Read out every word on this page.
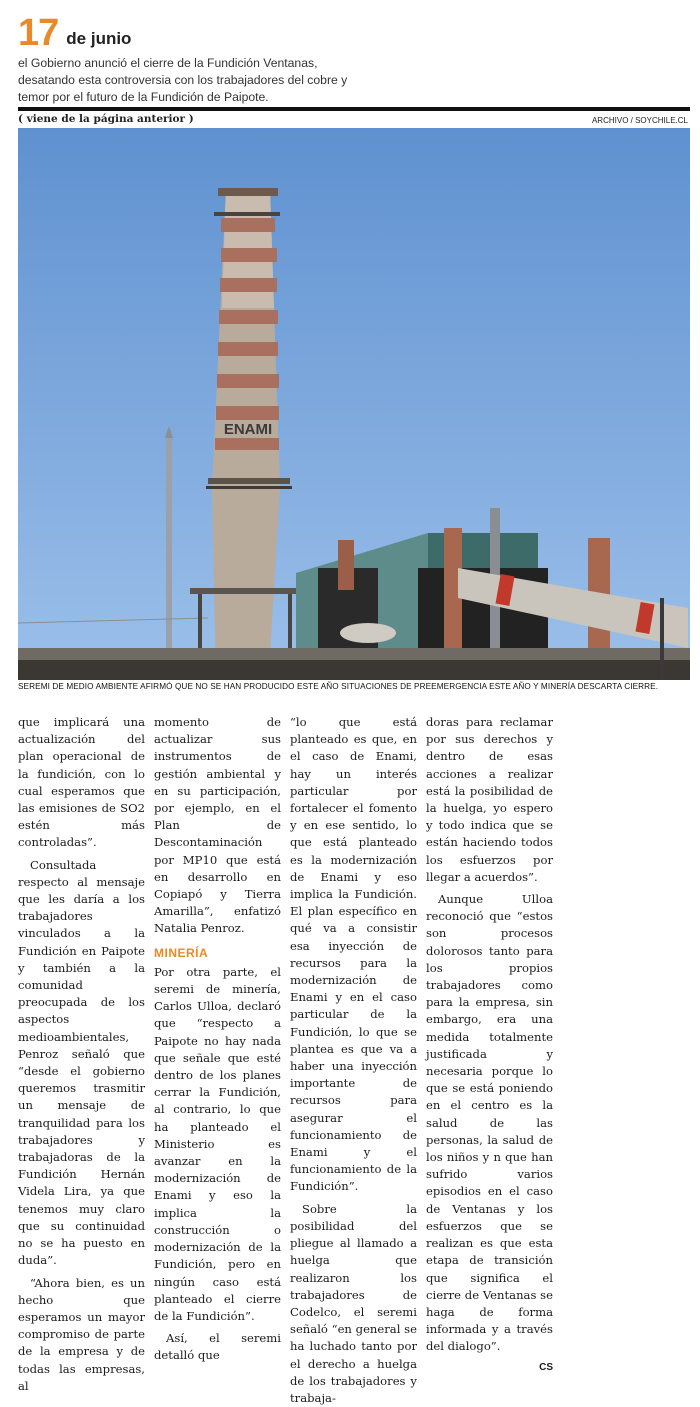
17 de junio
el Gobierno anunció el cierre de la Fundición Ventanas, desatando esta controversia con los trabajadores del cobre y temor por el futuro de la Fundición de Paipote.
( viene de la página anterior )	ARCHIVO / SOYCHILE.CL
ENAMI
SEREMI DE MEDIO AMBIENTE AFIRMÓ QUE NO SE HAN PRODUCIDO ESTE AÑO SITUACIONES DE PREEMERGENCIA ESTE AÑO Y MINERÍA DESCARTA CIERRE.

que implicará una actualización del plan operacional de la fundición, con lo cual esperamos que las emisiones de SO2 estén más controladas”.

Consultada respecto al mensaje que les daría a los trabajadores vinculados a la Fundición en Paipote y también a la comunidad preocupada de los aspectos medioambientales, Penroz señaló que “desde el gobierno queremos trasmitir un mensaje de tranquilidad para los trabajadores y trabajadoras de la Fundición Hernán Videla Lira, ya que tenemos muy claro que su continuidad no se ha puesto en duda”.

“Ahora bien, es un hecho que esperamos un mayor compromiso de parte de la empresa y de todas las empresas, al

momento de actualizar sus instrumentos de gestión ambiental y en su participación, por ejemplo, en el Plan de Descontaminación por MP10 que está en desarrollo en Copiapó y Tierra Amarilla”, enfatizó Natalia Penroz.

MINERÍA

Por otra parte, el seremi de minería, Carlos Ulloa, declaró que “respecto a Paipote no hay nada que señale que esté dentro de los planes cerrar la Fundición, al contrario, lo que ha planteado el Ministerio es avanzar en la modernización de Enami y eso la implica la construcción o modernización de la Fundición, pero en ningún caso está planteado el cierre de la Fundición”.

Así, el seremi detalló que

“lo que está planteado es que, en el caso de Enami, hay un interés particular por fortalecer el fomento y en ese sentido, lo que está planteado es la modernización de Enami y eso implica la Fundición. El plan específico en qué va a consistir esa inyección de recursos para la modernización de Enami y en el caso particular de la Fundición, lo que se plantea es que va a haber una inyección importante de recursos para asegurar el funcionamiento de Enami y el funcionamiento de la Fundición”.

Sobre la posibilidad del pliegue al llamado a huelga que realizaron los trabajadores de Codelco, el seremi señaló “en general se ha luchado tanto por el derecho a huelga de los trabajadores y trabaja-

doras para reclamar por sus derechos y dentro de esas acciones a realizar está la posibilidad de la huelga, yo espero y todo indica que se están haciendo todos los esfuerzos por llegar a acuerdos”.

Aunque Ulloa reconoció que “estos son procesos dolorosos tanto para los propios trabajadores como para la empresa, sin embargo, era una medida totalmente justificada y necesaria porque lo que se está poniendo en el centro es la salud de las personas, la salud de los niños y n que han sufrido varios episodios en el caso de Ventanas y los esfuerzos que se realizan es que esta etapa de transición que significa el cierre de Ventanas se haga de forma informada y a través del dialogo”.

CS
